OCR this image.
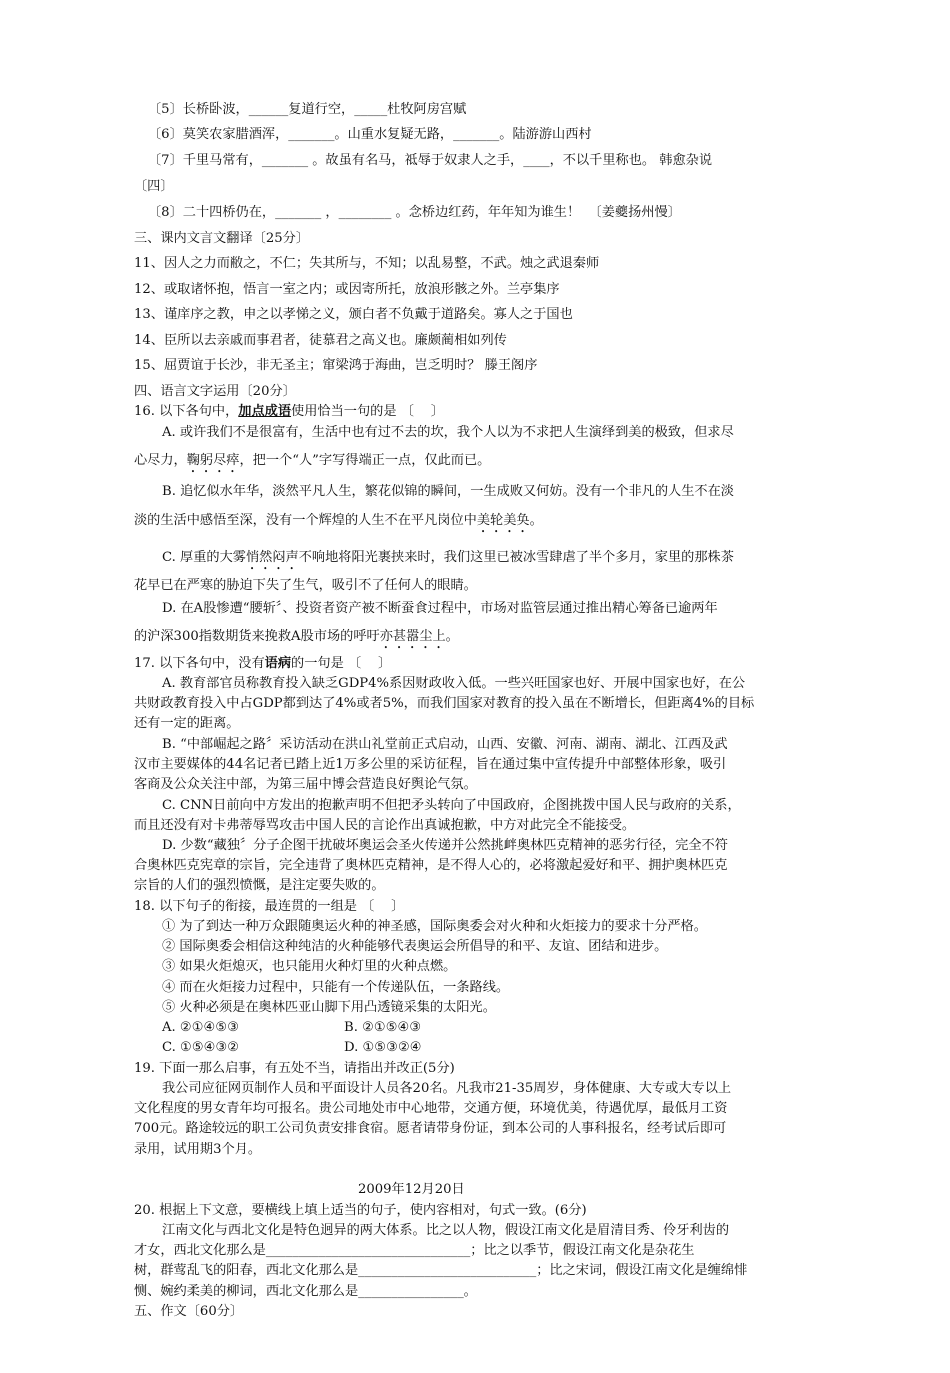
〔5〕长桥卧波，______复道行空，_____杜牧阿房宫赋
〔6〕莫笑农家腊酒浑，_______。山重水复疑无路，_______。陆游游山西村
〔7〕千里马常有，_______ 。故虽有名马，祗辱于奴隶人之手，____，不以千里称也。 韩愈杂说
〔四〕
〔8〕二十四桥仍在，_______ ，________ 。念桥边红药，年年知为谁生！  〔姜夔扬州慢〕
三、课内文言文翻译〔25分〕
11、因人之力而敝之，不仁；失其所与，不知；以乱易整，不武。烛之武退秦师
12、或取诸怀抱，悟言一室之内；或因寄所托，放浪形骸之外。兰亭集序
13、谨庠序之教，申之以孝悌之义，颁白者不负戴于道路矣。寡人之于国也
14、臣所以去亲戚而事君者，徒慕君之高义也。廉颇蔺相如列传
15、屈贾谊于长沙，非无圣主；窜梁鸿于海曲，岂乏明时？ 滕王阁序
四、语言文字运用〔20分〕
16. 以下各句中，加点成语使用恰当一句的是 〔    〕
A. 或许我们不是很富有，生活中也有过不去的坎，我个人以为不求把人生演绎到美的极致，但求尽
心尽力，鞠躬尽瘁，把一个“人”字写得端正一点，仅此而已。
B. 追忆似水年华，淡然平凡人生，繁花似锦的瞬间，一生成败又何妨。没有一个非凡的人生不在淡
淡的生活中感悟至深，没有一个辉煌的人生不在平凡岗位中美轮美奂。
C. 厚重的大雾悄然闷声不响地将阳光裹挟来时，我们这里已被冰雪肆虐了半个多月，家里的那株茶
花早已在严寒的胁迫下失了生气，吸引不了任何人的眼睛。
D. 在A股惨遭“腰斩〞、投资者资产被不断蚕食过程中，市场对监管层通过推出精心筹备已逾两年
的沪深300指数期货来挽救A股市场的呼吁亦甚嚣尘上。
17. 以下各句中，没有语病的一句是 〔    〕
A. 教育部官员称教育投入缺乏GDP4%系因财政收入低。一些兴旺国家也好、开展中国家也好，在公
共财政教育投入中占GDP都到达了4%或者5%，而我们国家对教育的投入虽在不断增长，但距离4%的目标
还有一定的距离。
B. “中部崛起之路〞采访活动在洪山礼堂前正式启动，山西、安徽、河南、湖南、湖北、江西及武
汉市主要媒体的44名记者已踏上近1万多公里的采访征程，旨在通过集中宣传提升中部整体形象，吸引
客商及公众关注中部，为第三届中博会营造良好舆论气氛。
C. CNN日前向中方发出的抱歉声明不但把矛头转向了中国政府，企图挑拨中国人民与政府的关系，
而且还没有对卡弗蒂辱骂攻击中国人民的言论作出真诚抱歉，中方对此完全不能接受。
D. 少数“藏独〞分子企图干扰破坏奥运会圣火传递并公然挑衅奥林匹克精神的恶劣行径，完全不符
合奥林匹克宪章的宗旨，完全违背了奥林匹克精神，是不得人心的，必将激起爱好和平、拥护奥林匹克
宗旨的人们的强烈愤慨，是注定要失败的。
18. 以下句子的衔接，最连贯的一组是 〔    〕
① 为了到达一种万众跟随奥运火种的神圣感，国际奥委会对火种和火炬接力的要求十分严格。
② 国际奥委会相信这种纯洁的火种能够代表奥运会所倡导的和平、友谊、团结和进步。
③ 如果火炬熄灭，也只能用火种灯里的火种点燃。
④ 而在火炬接力过程中，只能有一个传递队伍，一条路线。
⑤ 火种必须是在奥林匹亚山脚下用凸透镜采集的太阳光。
A. ②①④⑤③	B. ②①⑤④③
C. ①⑤④③②	D. ①⑤③②④
19. 下面一那么启事，有五处不当，请指出并改正(5分)
我公司应征网页制作人员和平面设计人员各20名。凡我市21-35周岁，身体健康、大专或大专以上
文化程度的男女青年均可报名。贵公司地处市中心地带，交通方便，环境优美，待遇优厚，最低月工资
700元。路途较远的职工公司负责安排食宿。愿者请带身份证，到本公司的人事科报名，经考试后即可
录用，试用期3个月。
2009年12月20日
20. 根据上下文意，要横线上填上适当的句子，使内容相对，句式一致。(6分)
江南文化与西北文化是特色迥异的两大体系。比之以人物，假设江南文化是眉清目秀、伶牙利齿的
才女，西北文化那么是_______________________________；比之以季节，假设江南文化是杂花生
树，群莺乱飞的阳春，西北文化那么是___________________________；比之宋词，假设江南文化是缠绵悱
恻、婉约柔美的柳词，西北文化那么是________________。
五、作文〔60分〕
